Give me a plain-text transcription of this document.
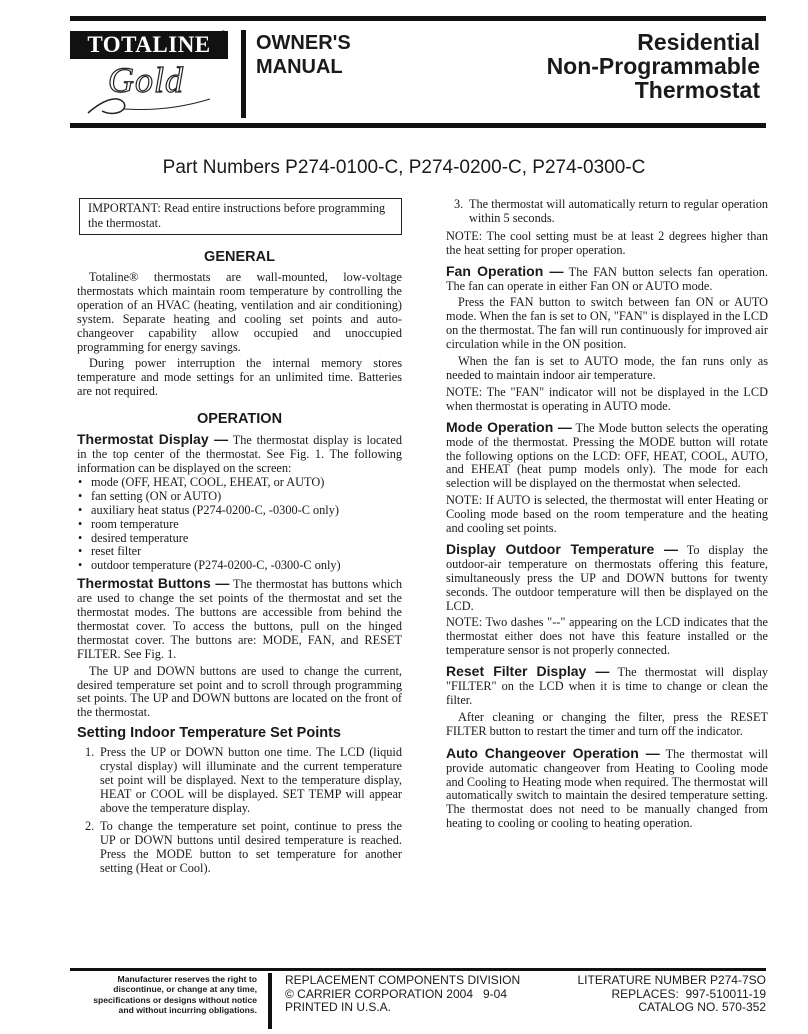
TOTALINE	®
Gold
OWNER'S
MANUAL
Residential
Non-Programmable
Thermostat
Part Numbers P274-0100-C, P274-0200-C, P274-0300-C
IMPORTANT: Read entire instructions before programming the thermostat.
GENERAL

Totaline® thermostats are wall-mounted, low-voltage thermostats which maintain room temperature by controlling the operation of an HVAC (heating, ventilation and air conditioning) system. Separate heating and cooling set points and auto-changeover capability allow occupied and unoccupied programming for energy savings.

During power interruption the internal memory stores temperature and mode settings for an unlimited time. Batteries are not required.

OPERATION

Thermostat Display — The thermostat display is located in the top center of the thermostat. See Fig. 1. The following information can be displayed on the screen:

• mode (OFF, HEAT, COOL, EHEAT, or AUTO)
• fan setting (ON or AUTO)
• auxiliary heat status (P274-0200-C, -0300-C only)
• room temperature
• desired temperature
• reset filter
• outdoor temperature (P274-0200-C, -0300-C only)

Thermostat Buttons — The thermostat has buttons which are used to change the set points of the thermostat and set the thermostat modes. The buttons are accessible from behind the thermostat cover. To access the buttons, pull on the hinged thermostat cover. The buttons are: MODE, FAN, and RESET FILTER. See Fig. 1.

The UP and DOWN buttons are used to change the current, desired temperature set point and to scroll through programming set points. The UP and DOWN buttons are located on the front of the thermostat.

Setting Indoor Temperature Set Points
1. Press the UP or DOWN button one time. The LCD (liquid crystal display) will illuminate and the current temperature set point will be displayed. Next to the temperature display, HEAT or COOL will be displayed. SET TEMP will appear above the temperature display.
2. To change the temperature set point, continue to press the UP or DOWN buttons until desired temperature is reached. Press the MODE button to set temperature for another setting (Heat or Cool).
3. The thermostat will automatically return to regular operation within 5 seconds.

NOTE: The cool setting must be at least 2 degrees higher than the heat setting for proper operation.

Fan Operation — The FAN button selects fan operation. The fan can operate in either Fan ON or AUTO mode.

Press the FAN button to switch between fan ON or AUTO mode. When the fan is set to ON, "FAN" is displayed in the LCD on the thermostat. The fan will run continuously for improved air circulation while in the ON position.

When the fan is set to AUTO mode, the fan runs only as needed to maintain indoor air temperature.

NOTE: The "FAN" indicator will not be displayed in the LCD when thermostat is operating in AUTO mode.

Mode Operation — The Mode button selects the operating mode of the thermostat. Pressing the MODE button will rotate the following options on the LCD: OFF, HEAT, COOL, AUTO, and EHEAT (heat pump models only). The mode for each selection will be displayed on the thermostat when selected.

NOTE: If AUTO is selected, the thermostat will enter Heating or Cooling mode based on the room temperature and the heating and cooling set points.

Display Outdoor Temperature — To display the outdoor-air temperature on thermostats offering this feature, simultaneously press the UP and DOWN buttons for twenty seconds. The outdoor temperature will then be displayed on the LCD.

NOTE: Two dashes "--" appearing on the LCD indicates that the thermostat either does not have this feature installed or the temperature sensor is not properly connected.

Reset Filter Display — The thermostat will display "FILTER" on the LCD when it is time to change or clean the filter.

After cleaning or changing the filter, press the RESET FILTER button to restart the timer and turn off the indicator.

Auto Changeover Operation — The thermostat will provide automatic changeover from Heating to Cooling mode and Cooling to Heating mode when required. The thermostat will automatically switch to maintain the desired temperature setting. The thermostat does not need to be manually changed from heating to cooling or cooling to heating operation.

Manufacturer reserves the right to
discontinue, or change at any time,
specifications or designs without notice
and without incurring obligations.
REPLACEMENT COMPONENTS DIVISION
© CARRIER CORPORATION 2004   9-04
PRINTED IN U.S.A.
LITERATURE NUMBER P274-7SO
REPLACES:  997-510011-19
CATALOG NO. 570-352
